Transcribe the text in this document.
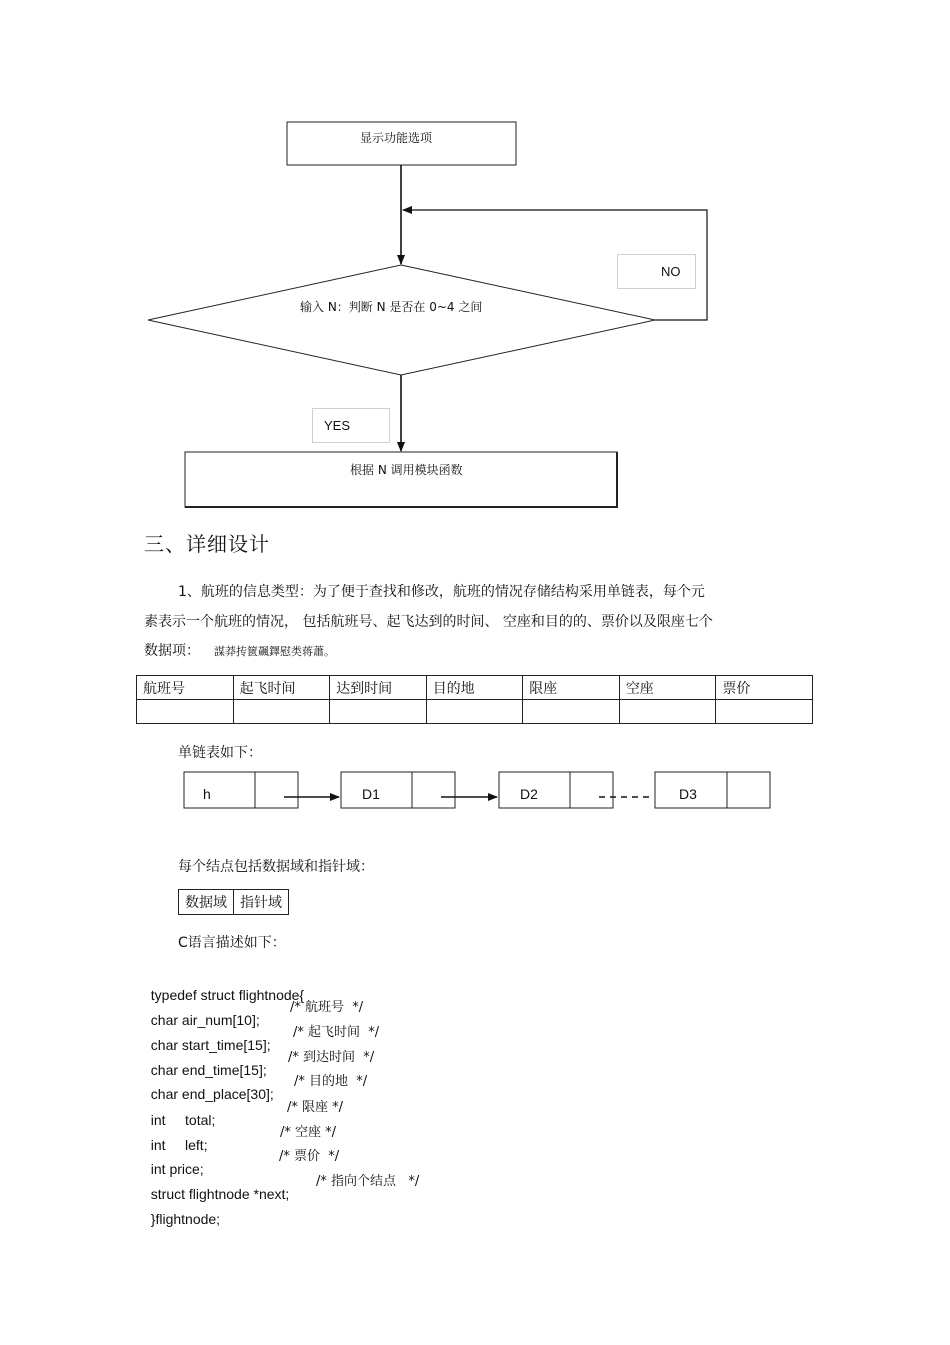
显示功能选项
输入 N：判断 N 是否在 0~4 之间
NO
YES
根据 N 调用模块函数
三、详细设计
1、航班的信息类型：为了便于查找和修改，航班的情况存储结构采用单链表，每个元
素表示一个航班的情况， 包括航班号、起飞达到的时间、 空座和目的的、票价以及限座七个
数据项： 謀莽抟篋飆鐸慰类蒋蕭。
航班号	起飞时间	达到时间	目的地	限座	空座	票价

单链表如下：
h	D1	D2	D3
每个结点包括数据域和指针域：
数据域	指针域
C语言描述如下：

typedef struct flightnode{

char air_num[10];

/* 航班号  */

char start_time[15];

/* 起飞时间  */

char end_time[15];

/* 到达时间  */

char end_place[30];

/* 目的地  */

int     total;

/* 限座 */

int     left;

/* 空座 */

int price;

/* 票价  */

struct flightnode *next;

/* 指向个结点   */

}flightnode;
